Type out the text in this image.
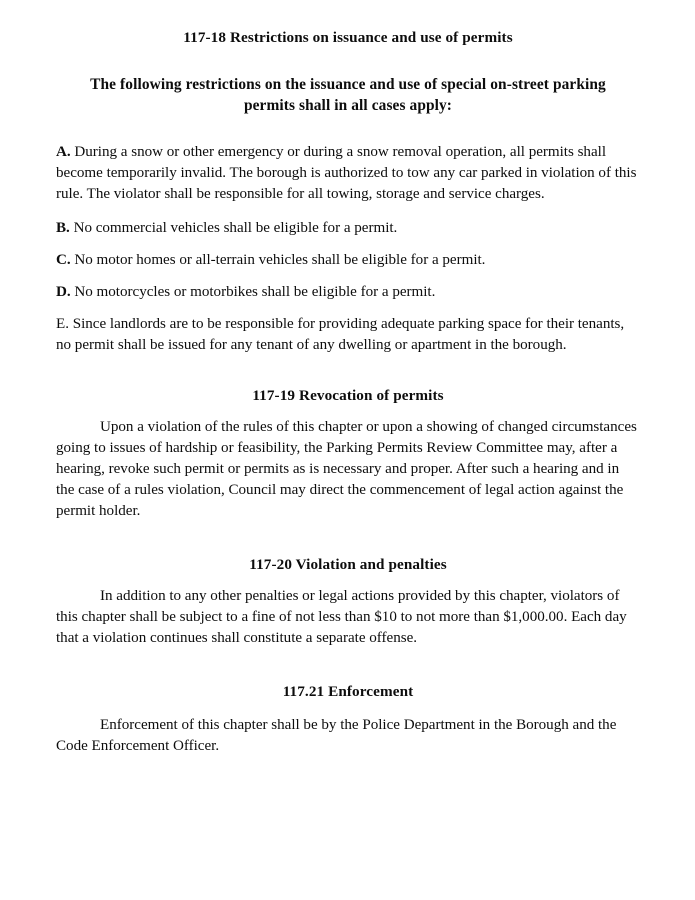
117-18 Restrictions on issuance and use of permits
The following restrictions on the issuance and use of special on-street parking permits shall in all cases apply:

A. During a snow or other emergency or during a snow removal operation, all permits shall become temporarily invalid. The borough is authorized to tow any car parked in violation of this rule. The violator shall be responsible for all towing, storage and service charges.

B. No commercial vehicles shall be eligible for a permit.

C. No motor homes or all-terrain vehicles shall be eligible for a permit.

D. No motorcycles or motorbikes shall be eligible for a permit.

E. Since landlords are to be responsible for providing adequate parking space for their tenants, no permit shall be issued for any tenant of any dwelling or apartment in the borough.

117-19 Revocation of permits

Upon a violation of the rules of this chapter or upon a showing of changed circumstances going to issues of hardship or feasibility, the Parking Permits Review Committee may, after a hearing, revoke such permit or permits as is necessary and proper. After such a hearing and in the case of a rules violation, Council may direct the commencement of legal action against the permit holder.

117-20 Violation and penalties

In addition to any other penalties or legal actions provided by this chapter, violators of this chapter shall be subject to a fine of not less than $10 to not more than $1,000.00. Each day that a violation continues shall constitute a separate offense.

117.21 Enforcement

Enforcement of this chapter shall be by the Police Department in the Borough and the Code Enforcement Officer.
